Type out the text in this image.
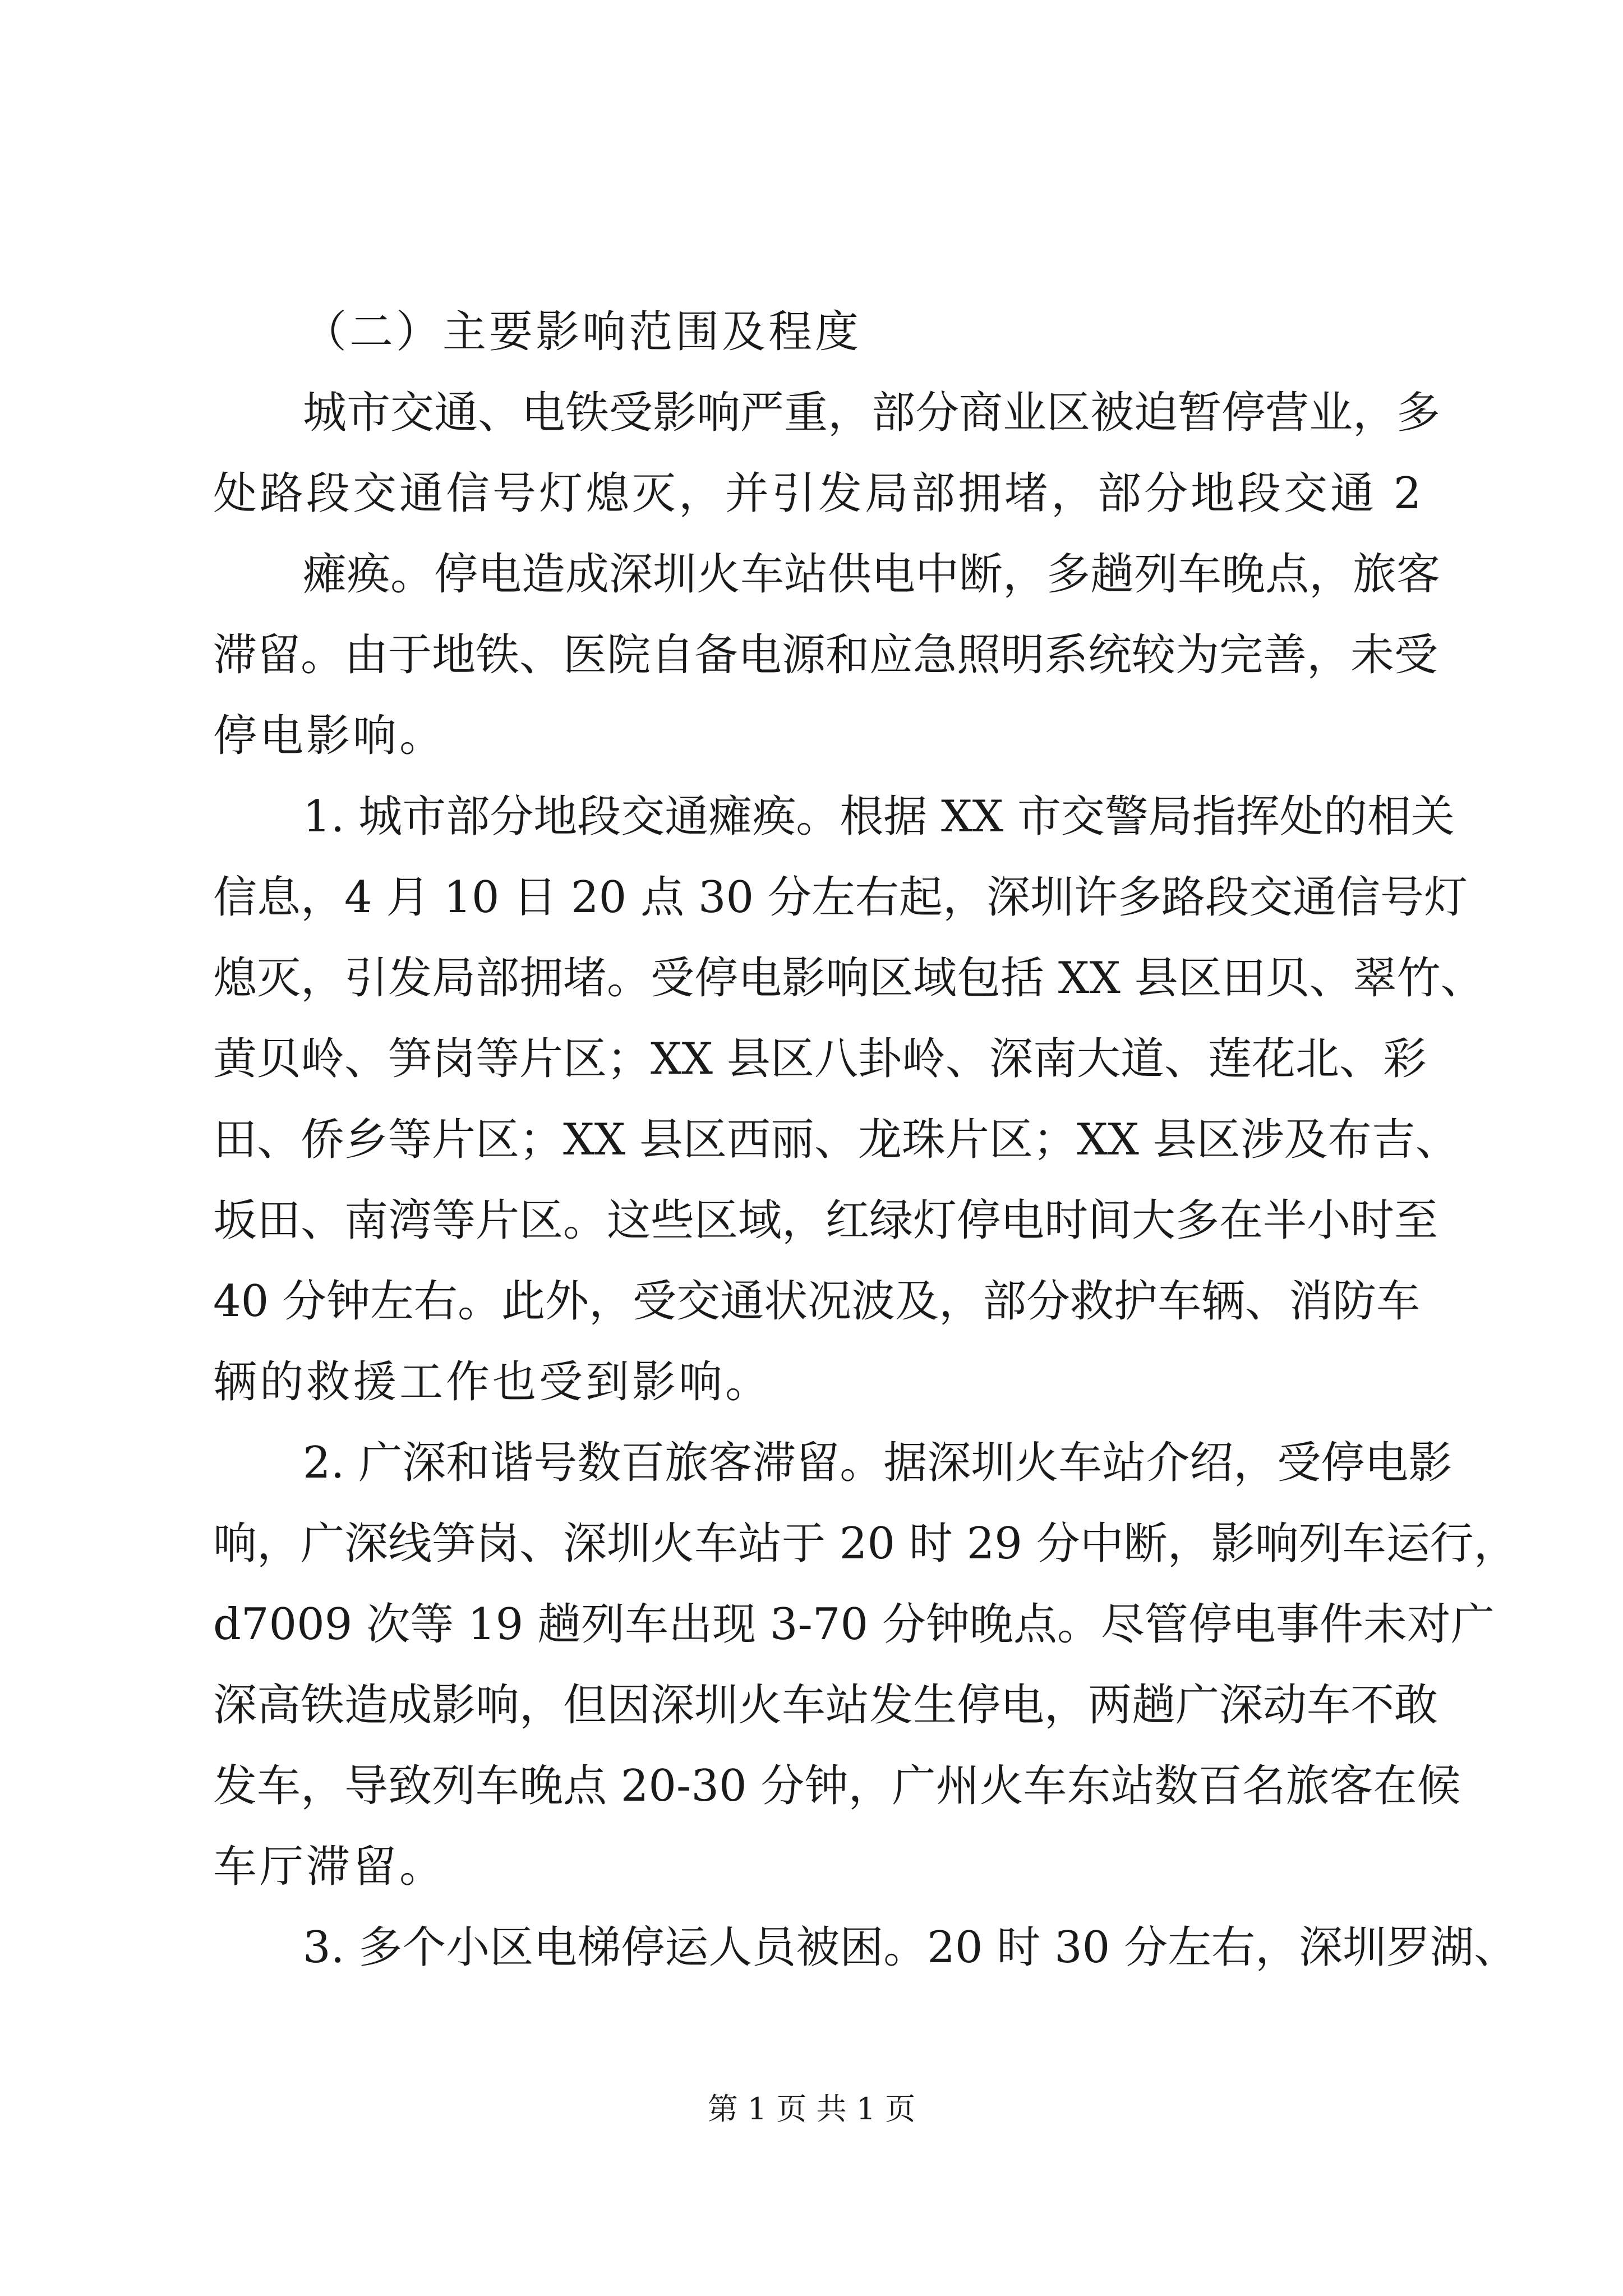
（二）主要影响范围及程度
城市交通、电铁受影响严重，部分商业区被迫暂停营业，多
处路段交通信号灯熄灭，并引发局部拥堵，部分地段交通 2
瘫痪。停电造成深圳火车站供电中断，多趟列车晚点，旅客
滞留。由于地铁、医院自备电源和应急照明系统较为完善，未受
停电影响。
1. 城市部分地段交通瘫痪。根据 XX 市交警局指挥处的相关
信息，4 月 10 日 20 点 30 分左右起，深圳许多路段交通信号灯
熄灭，引发局部拥堵。受停电影响区域包括 XX 县区田贝、翠竹、
黄贝岭、笋岗等片区；XX 县区八卦岭、深南大道、莲花北、彩
田、侨乡等片区；XX 县区西丽、龙珠片区；XX 县区涉及布吉、
坂田、南湾等片区。这些区域，红绿灯停电时间大多在半小时至
40 分钟左右。此外，受交通状况波及，部分救护车辆、消防车
辆的救援工作也受到影响。
2. 广深和谐号数百旅客滞留。据深圳火车站介绍，受停电影
响，广深线笋岗、深圳火车站于 20 时 29 分中断，影响列车运行，
d7009 次等 19 趟列车出现 3-70 分钟晚点。尽管停电事件未对广
深高铁造成影响，但因深圳火车站发生停电，两趟广深动车不敢
发车，导致列车晚点 20-30 分钟，广州火车东站数百名旅客在候
车厅滞留。
3. 多个小区电梯停运人员被困。20 时 30 分左右，深圳罗湖、
第 1 页 共 1 页
